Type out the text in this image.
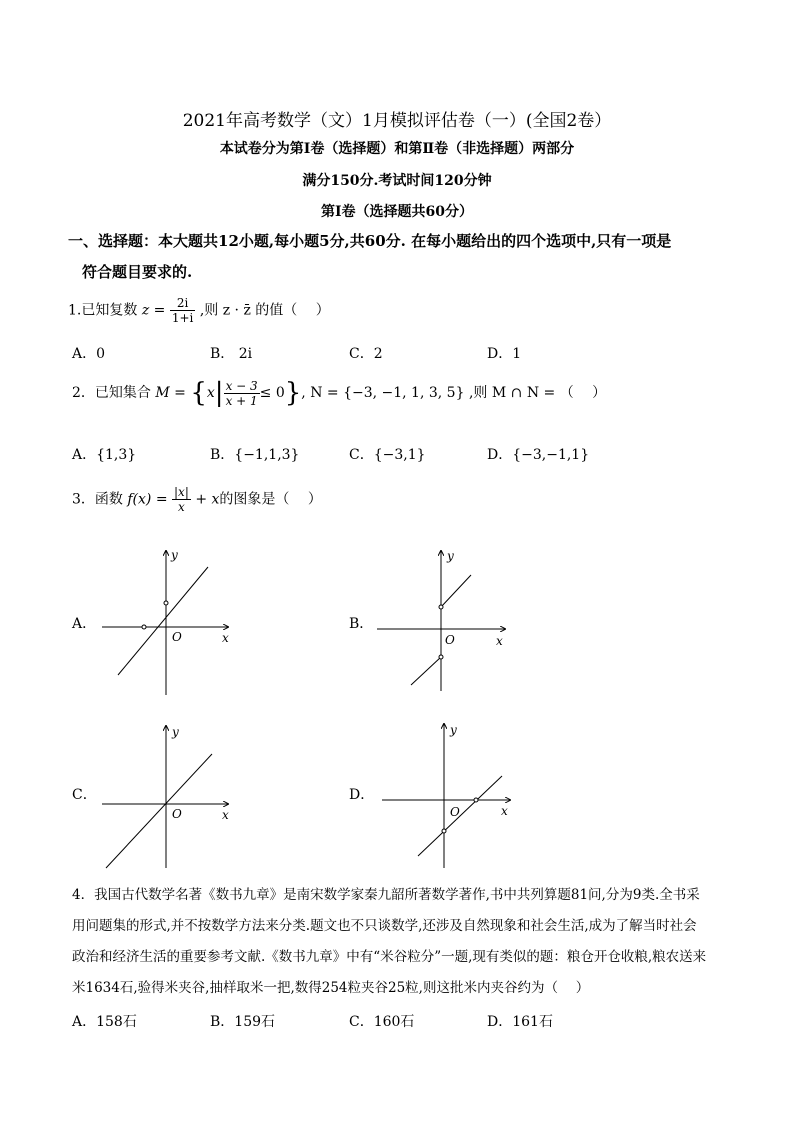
2021年高考数学（文）1月模拟评估卷（一）(全国2卷）
本试卷分为第Ⅰ卷（选择题）和第Ⅱ卷（非选择题）两部分
满分150分.考试时间120分钟
第Ⅰ卷（选择题共60分）
一、选择题：本大题共12小题,每小题5分,共60分. 在每小题给出的四个选项中,只有一项是
符合题目要求的.
1.已知复数 $z = \frac{2i}{1+i}$ ,则 z · z̄ 的值（　 ）
A．0	B． 2i	C．2	D．1
2．已知集合 $M = \{x| \frac{x - 3}{x + 1} \le 0\}$, N = {−3, −1, 1, 3, 5} ,则 M ∩ N = （　 ）
A．{1,3}	B．{−1,1,3}	C．{−3,1}	D．{−3,−1,1}
3．函数 $f(x) = \frac{|x|}{x} + x$的图象是（　 ）
A．	B．
C．	D．
x
y
O	x
y
O
x
y
O	x
y
O
4．我国古代数学名著《数书九章》是南宋数学家秦九韶所著数学著作,书中共列算题81问,分为9类.全书采
用问题集的形式,并不按数学方法来分类.题文也不只谈数学,还涉及自然现象和社会生活,成为了解当时社会
政治和经济生活的重要参考文献.《数书九章》中有“米谷粒分”一题,现有类似的题：粮仓开仓收粮,粮农送来
米1634石,验得米夹谷,抽样取米一把,数得254粒夹谷25粒,则这批米内夹谷约为（　 ）
A．158石	B．159石	C．160石	D．161石
